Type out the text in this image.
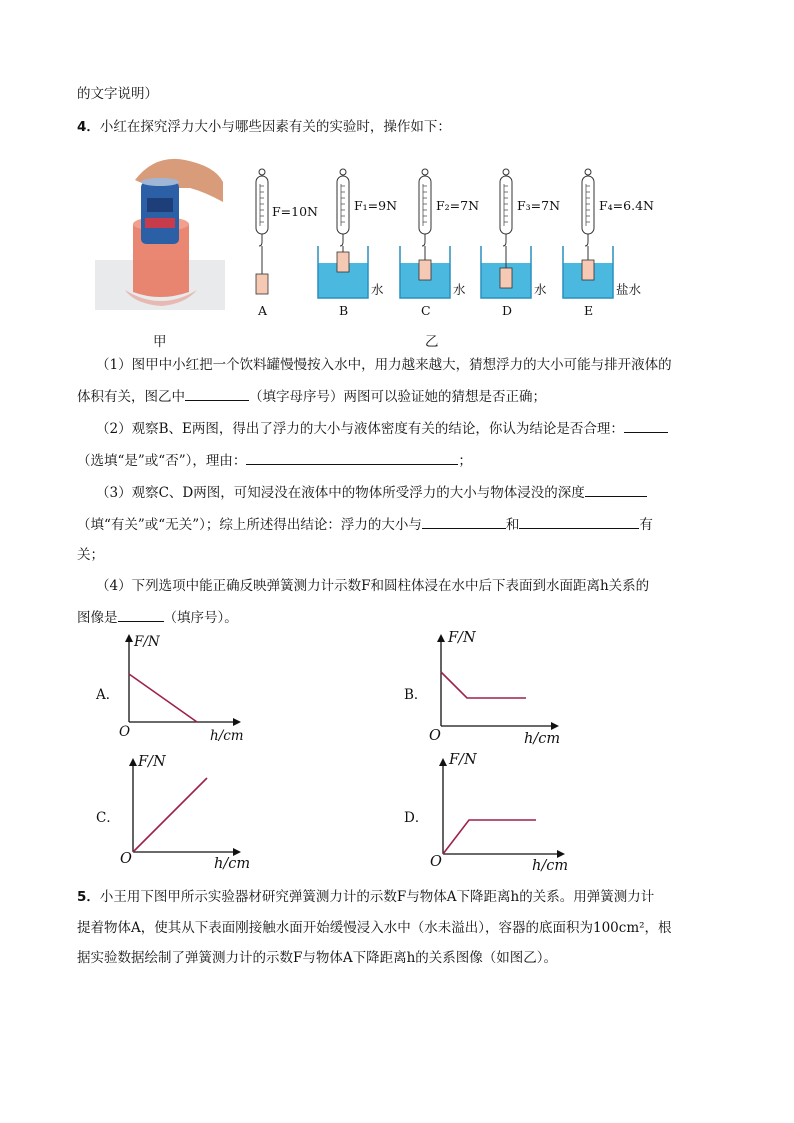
的文字说明）
4．小红在探究浮力大小与哪些因素有关的实验时，操作如下：
甲
F=10N	F₁=9N	F₂=7N	F₃=7N	F₄=6.4N
水	水	水	盐水
A	B	C	D	E
乙
（1）图甲中小红把一个饮料罐慢慢按入水中，用力越来越大，猜想浮力的大小可能与排开液体的
体积有关，图乙中	（填字母序号）两图可以验证她的猜想是否正确；
（2）观察B、E两图，得出了浮力的大小与液体密度有关的结论，你认为结论是否合理：
（选填“是”或“否”），理由：	；
（3）观察C、D两图，可知浸没在液体中的物体所受浮力的大小与物体浸没的深度
（填“有关”或“无关”）；综上所述得出结论：浮力的大小与	和	有
关；
（4）下列选项中能正确反映弹簧测力计示数F和圆柱体浸在水中后下表面到水面距离h关系的
图像是	（填序号）。
A．
F/N
O	h/cm
B．
F/N
O	h/cm
C．
F/N
O	h/cm
D．
F/N
O	h/cm
5．小王用下图甲所示实验器材研究弹簧测力计的示数F与物体A下降距离h的关系。用弹簧测力计
提着物体A，使其从下表面刚接触水面开始缓慢浸入水中（水未溢出），容器的底面积为100cm²，根
据实验数据绘制了弹簧测力计的示数F与物体A下降距离h的关系图像（如图乙）。
